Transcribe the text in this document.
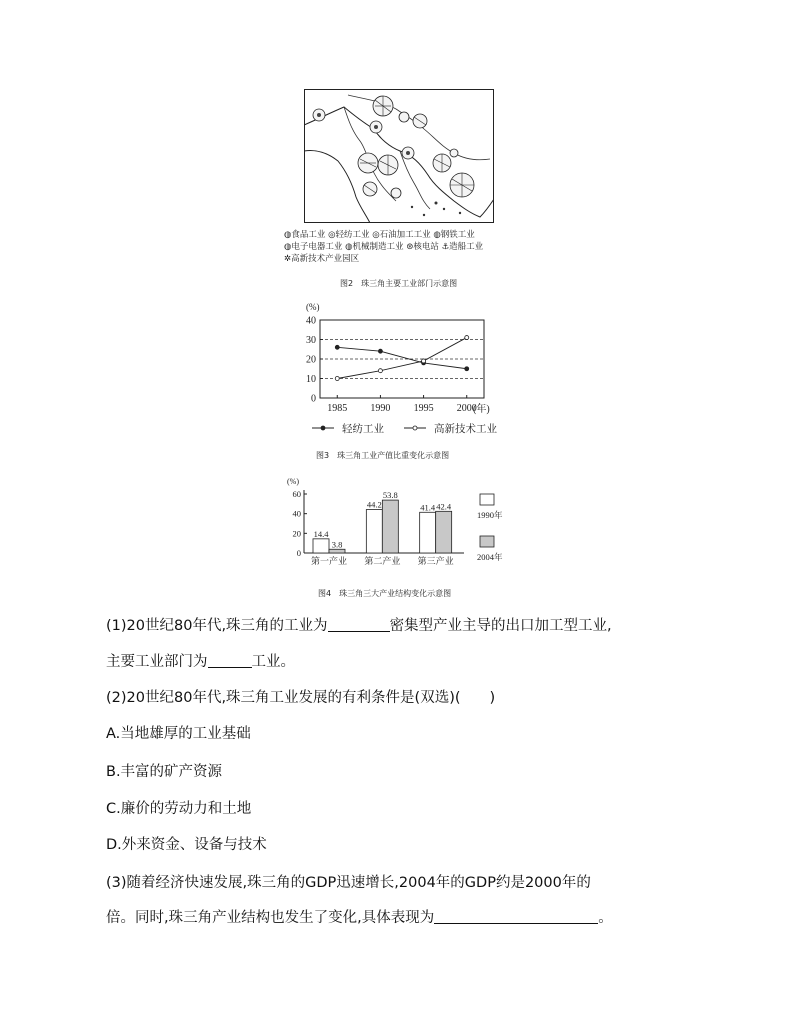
◍食品工业 ◎轻纺工业 ◎石油加工工业 ◍钢铁工业
◍电子电器工业 ◍机械制造工业 ⊛核电站 ⚓造船工业
✲高新技术产业园区
图2　珠三角主要工业部门示意图
(%)
0
10
20
30
40
1985 1990 1995 2000
(年)
轻纺工业	高新技术工业
图3　珠三角工业产值比重变化示意图
(%)
14.4
3.8
44.2
53.8
41.4 42.4
0
20
40
60
第一产业 第二产业 第三产业
1990年
2004年
图4　珠三角三大产业结构变化示意图
(1)20世纪80年代,珠三角的工业为	密集型产业主导的出口加工型工业,
主要工业部门为	工业。
(2)20世纪80年代,珠三角工业发展的有利条件是(双选)(　　)
A.当地雄厚的工业基础
B.丰富的矿产资源
C.廉价的劳动力和土地
D.外来资金、设备与技术
(3)随着经济快速发展,珠三角的GDP迅速增长,2004年的GDP约是2000年的
倍。同时,珠三角产业结构也发生了变化,具体表现为	。
